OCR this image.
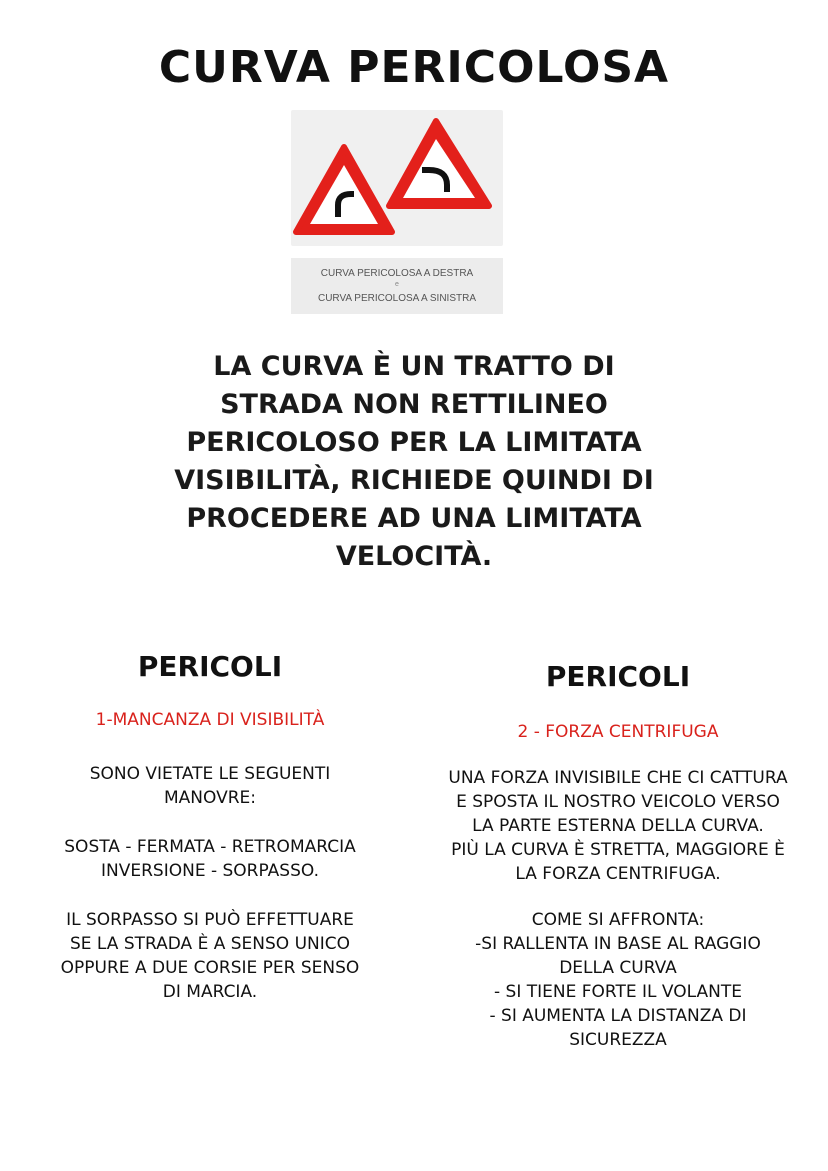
CURVA PERICOLOSA
CURVA PERICOLOSA A DESTRA
e
CURVA PERICOLOSA A SINISTRA
LA CURVA È UN TRATTO DI
STRADA NON RETTILINEO
PERICOLOSO PER LA LIMITATA
VISIBILITÀ, RICHIEDE QUINDI DI
PROCEDERE AD UNA LIMITATA
VELOCITÀ.
PERICOLI
1-MANCANZA DI VISIBILITÀ
SONO VIETATE LE SEGUENTI
MANOVRE:
SOSTA - FERMATA - RETROMARCIA
INVERSIONE - SORPASSO.
IL SORPASSO SI PUÒ EFFETTUARE
SE LA STRADA È A SENSO UNICO
OPPURE A DUE CORSIE PER SENSO
DI MARCIA.
PERICOLI
2 - FORZA CENTRIFUGA
UNA FORZA INVISIBILE CHE CI CATTURA
E SPOSTA IL NOSTRO VEICOLO VERSO
LA PARTE ESTERNA DELLA CURVA.
PIÙ LA CURVA È STRETTA, MAGGIORE È
LA FORZA CENTRIFUGA.
COME SI AFFRONTA:
-SI RALLENTA IN BASE AL RAGGIO
DELLA CURVA
- SI TIENE FORTE IL VOLANTE
- SI AUMENTA LA DISTANZA DI
SICUREZZA
